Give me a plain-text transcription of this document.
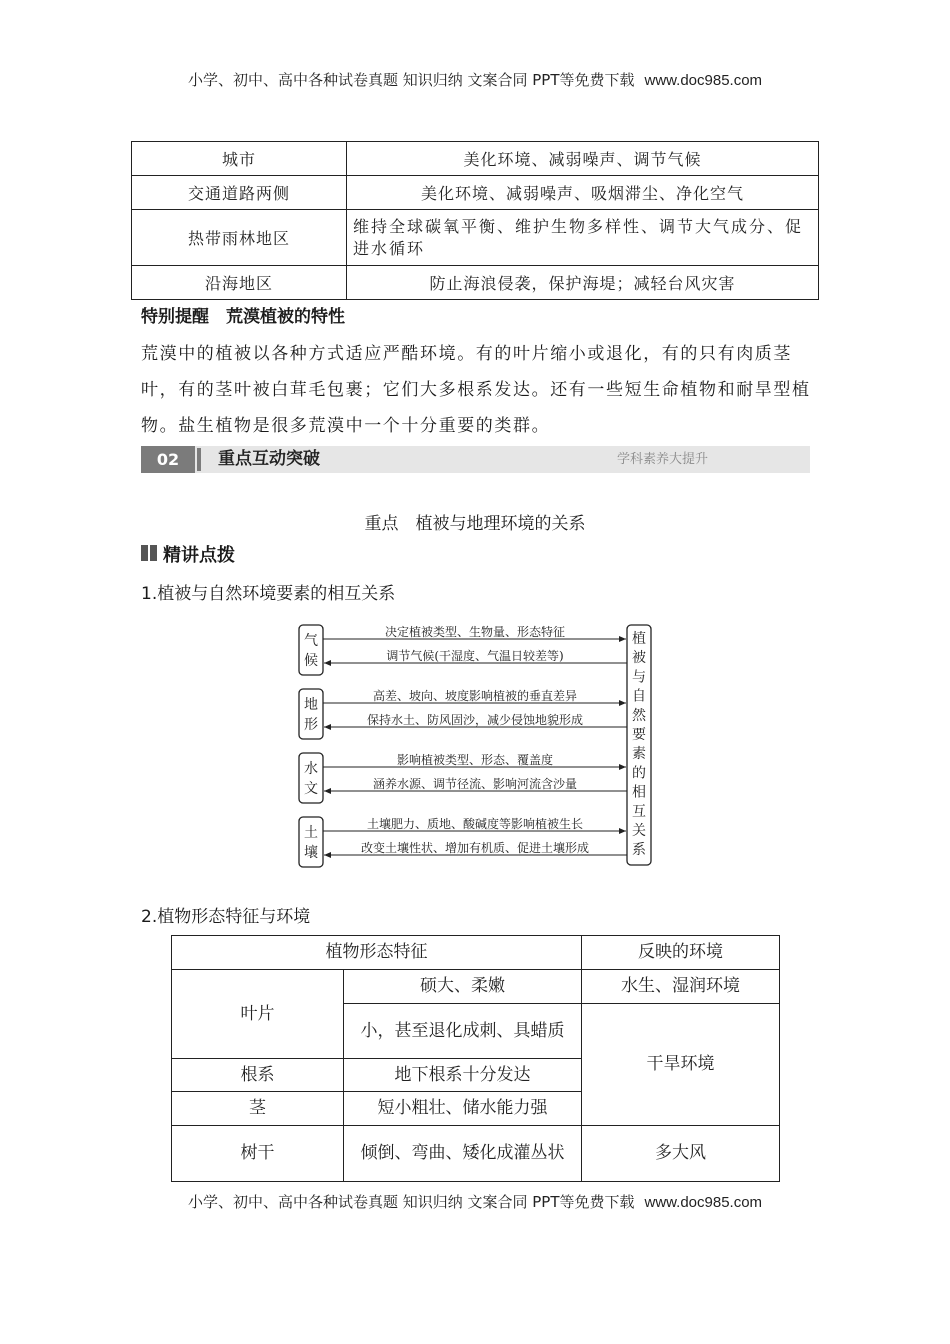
小学、初中、高中各种试卷真题 知识归纳 文案合同 PPT等免费下载 www.doc985.com
城市	美化环境、减弱噪声、调节气候
交通道路两侧	美化环境、减弱噪声、吸烟滞尘、净化空气
热带雨林地区	维持全球碳氧平衡、维护生物多样性、调节大气成分、促进水循环
沿海地区	防止海浪侵袭，保护海堤；减轻台风灾害
特别提醒　荒漠植被的特性
荒漠中的植被以各种方式适应严酷环境。有的叶片缩小或退化，有的只有肉质茎叶，有的茎叶被白茸毛包裹；它们大多根系发达。还有一些短生命植物和耐旱型植物。盐生植物是很多荒漠中一个十分重要的类群。
02	重点互动突破	学科素养大提升
重点　植被与地理环境的关系
精讲点拨
1.植被与自然环境要素的相互关系
植
被
与
自
然
要
素
的
相
互
关
系
气
候
决定植被类型、生物量、形态特征
调节气候(干湿度、气温日较差等)
地
形
高差、坡向、坡度影响植被的垂直差异
保持水土、防风固沙，减少侵蚀地貌形成
水
文
影响植被类型、形态、覆盖度
涵养水源、调节径流、影响河流含沙量
土
壤
土壤肥力、质地、酸碱度等影响植被生长
改变土壤性状、增加有机质、促进土壤形成
2.植物形态特征与环境
植物形态特征		反映的环境
叶片	硕大、柔嫩	水生、湿润环境
	小，甚至退化成刺、具蜡质	干旱环境
根系	地下根系十分发达	
茎	短小粗壮、储水能力强	
树干	倾倒、弯曲、矮化成灌丛状	多大风
小学、初中、高中各种试卷真题 知识归纳 文案合同 PPT等免费下载 www.doc985.com
